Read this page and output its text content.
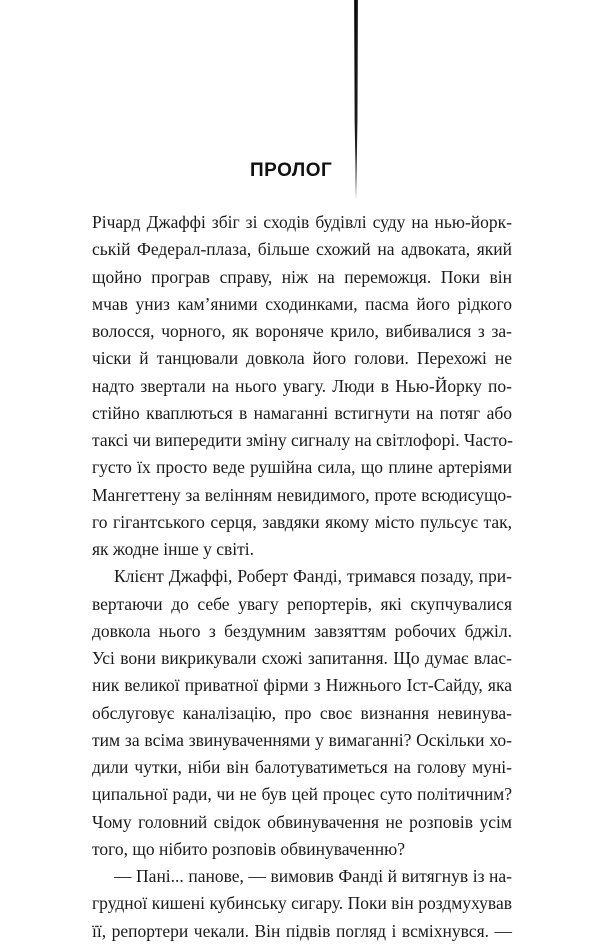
ПРОЛОГ
Річард Джаффі збіг зі сходів будівлі суду на нью-йорк-
ській Федерал-плаза, більше схожий на адвоката, який
щойно програв справу, ніж на переможця. Поки він
мчав униз кам’яними сходинками, пасма його рідкого
волосся, чорного, як вороняче крило, вибивалися з за-
чіски й танцювали довкола його голови. Перехожі не
надто звертали на нього увагу. Люди в Нью-Йорку по-
стійно кваплються в намаганні встигнути на потяг або
таксі чи випередити зміну сигналу на світлофорі. Часто-
густо їх просто веде рушійна сила, що плине артеріями
Мангеттену за велінням невидимого, проте всюдисущо-
го гігантського серця, завдяки якому місто пульсує так,
як жодне інше у світі.
Клієнт Джаффі, Роберт Фанді, тримався позаду, при-
вертаючи до себе увагу репортерів, які скупчувалися
довкола нього з бездумним завзяттям робочих бджіл.
Усі вони викрикували схожі запитання. Що думає влас-
ник великої приватної фірми з Нижнього Іст-Сайду, яка
обслуговує каналізацію, про своє визнання невинува-
тим за всіма звинуваченнями у вимаганні? Оскільки хо-
дили чутки, ніби він балотуватиметься на голову муні-
ципальної ради, чи не був цей процес суто політичним?
Чому головний свідок обвинувачення не розповів усім
того, що нібито розповів обвинуваченню?
— Пані... панове, — вимовив Фанді й витягнув із на-
грудної кишені кубинську сигару. Поки він роздмухував
її, репортери чекали. Він підвів погляд і всміхнувся. —
